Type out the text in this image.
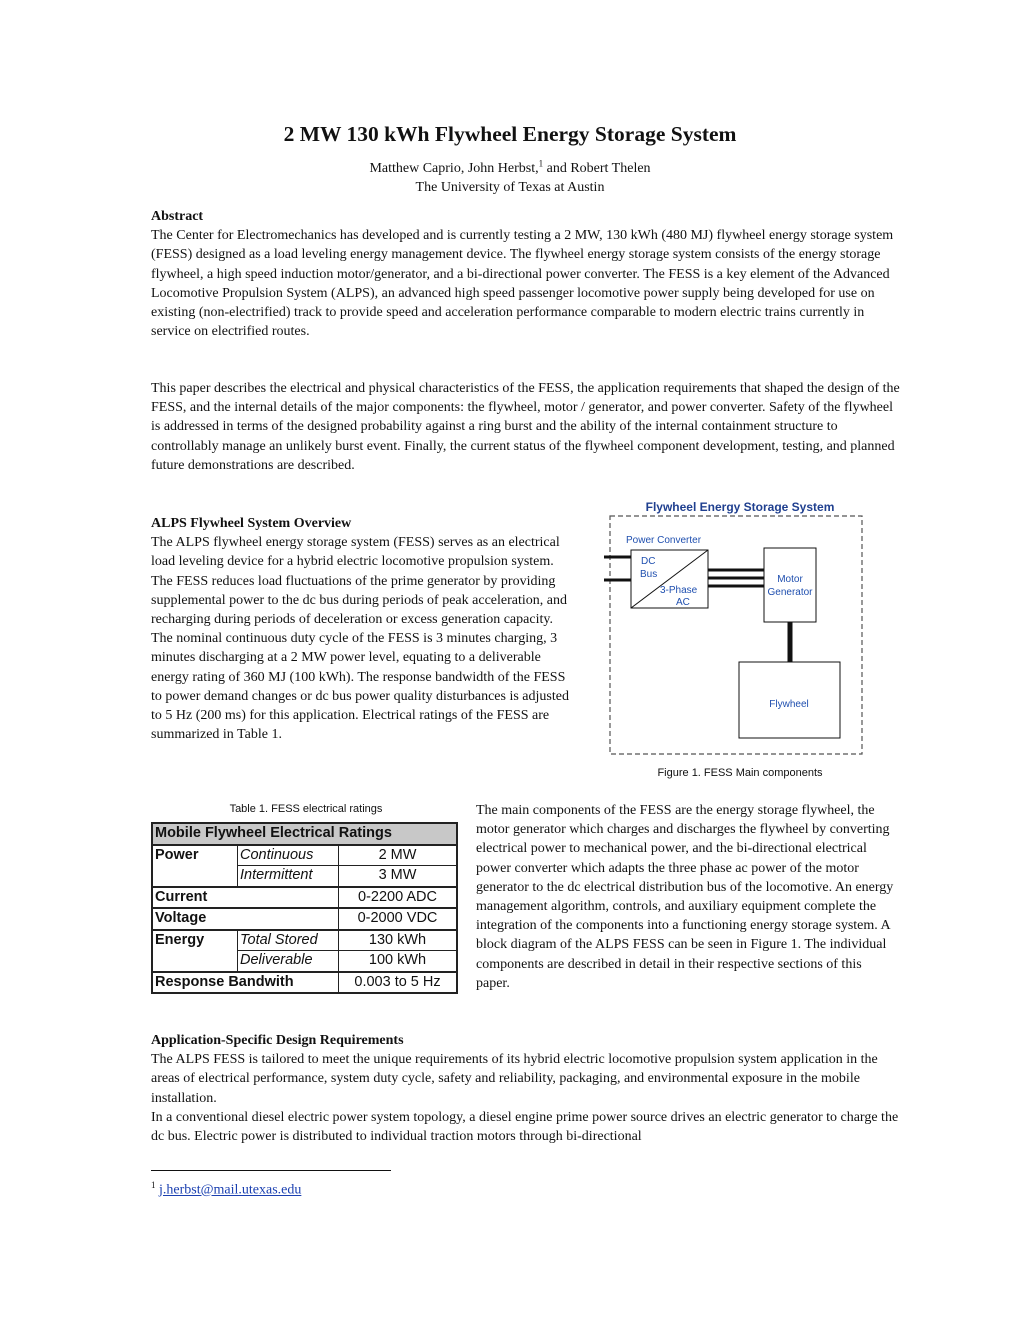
2 MW 130 kWh Flywheel Energy Storage System
Matthew Caprio, John Herbst,$^1$ and Robert Thelen
The University of Texas at Austin
Abstract

The Center for Electromechanics has developed and is currently testing a 2 MW, 130 kWh (480 MJ) flywheel energy storage system (FESS) designed as a load leveling energy management device. The flywheel energy storage system consists of the energy storage flywheel, a high speed induction motor/generator, and a bi-directional power converter. The FESS is a key element of the Advanced Locomotive Propulsion System (ALPS), an advanced high speed passenger locomotive power supply being developed for use on existing (non-electrified) track to provide speed and acceleration performance comparable to modern electric trains currently in service on electrified routes.

This paper describes the electrical and physical characteristics of the FESS, the application requirements that shaped the design of the FESS, and the internal details of the major components: the flywheel, motor / generator, and power converter. Safety of the flywheel is addressed in terms of the designed probability against a ring burst and the ability of the internal containment structure to controllably manage an unlikely burst event. Finally, the current status of the flywheel component development, testing, and planned future demonstrations are described.

ALPS Flywheel System Overview

The ALPS flywheel energy storage system (FESS) serves as an electrical load leveling device for a hybrid electric locomotive propulsion system. The FESS reduces load fluctuations of the prime generator by providing supplemental power to the dc bus during periods of peak acceleration, and recharging during periods of deceleration or excess generation capacity. The nominal continuous duty cycle of the FESS is 3 minutes charging, 3 minutes discharging at a 2 MW power level, equating to a deliverable energy rating of 360 MJ (100 kWh). The response bandwidth of the FESS to power demand changes or dc bus power quality disturbances is adjusted to 5 Hz (200 ms) for this application. Electrical ratings of the FESS are summarized in Table 1.

Flywheel Energy Storage System
Power Converter
DC
Bus
3-Phase
AC
Motor
Generator
Flywheel
Figure 1. FESS Main components
Table 1. FESS electrical ratings
Mobile Flywheel Electrical Ratings		
Power	Continuous	2 MW
	Intermittent	3 MW
Current		0-2200 ADC
Voltage		0-2000 VDC
Energy	Total Stored	130 kWh
	Deliverable	100 kWh
Response Bandwith		0.003 to 5 Hz

The main components of the FESS are the energy storage flywheel, the motor generator which charges and discharges the flywheel by converting electrical power to mechanical power, and the bi-directional electrical power converter which adapts the three phase ac power of the motor generator to the dc electrical distribution bus of the locomotive. An energy management algorithm, controls, and auxiliary equipment complete the integration of the components into a functioning energy storage system. A block diagram of the ALPS FESS can be seen in Figure 1. The individual components are described in detail in their respective sections of this paper.

Application-Specific Design Requirements

The ALPS FESS is tailored to meet the unique requirements of its hybrid electric locomotive propulsion system application in the areas of electrical performance, system duty cycle, safety and reliability, packaging, and environmental exposure in the mobile installation.

In a conventional diesel electric power system topology, a diesel engine prime power source drives an electric generator to charge the dc bus. Electric power is distributed to individual traction motors through bi-directional

$^1$ j.herbst@mail.utexas.edu
